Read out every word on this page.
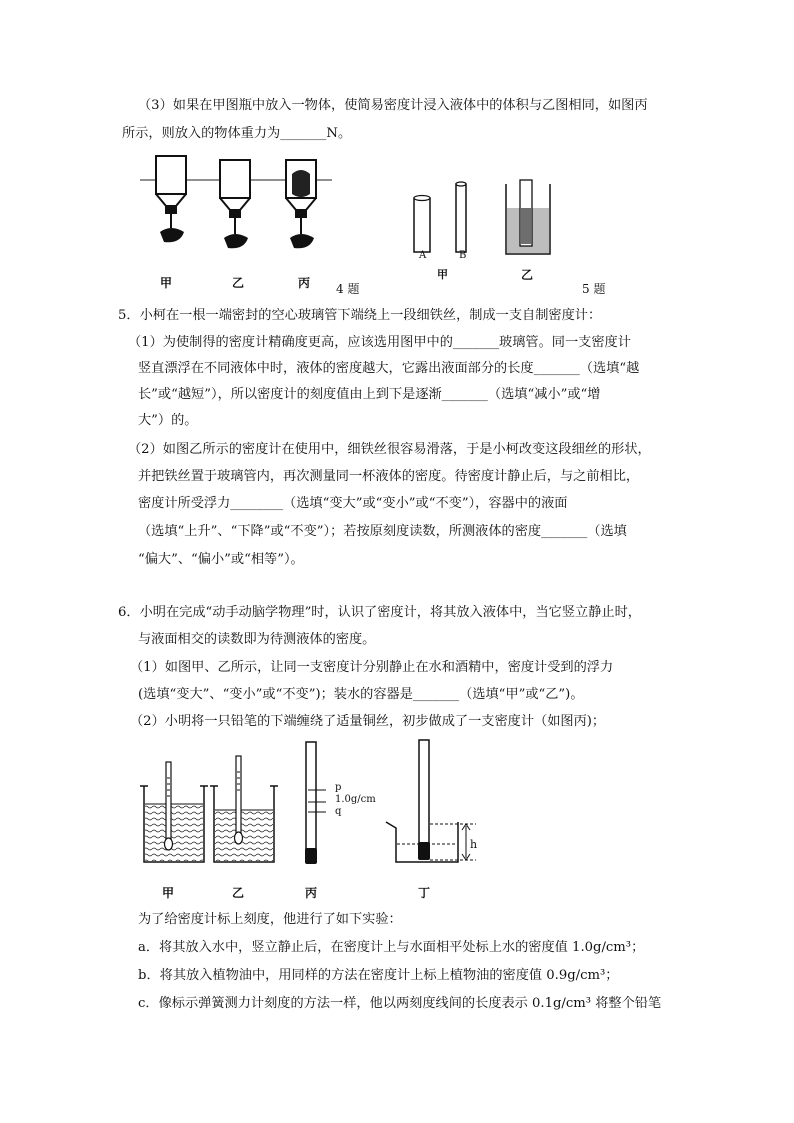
（3）如果在甲图瓶中放入一物体，使简易密度计浸入液体中的体积与乙图相同，如图丙
所示，则放入的物体重力为_______N。
甲	乙	丙 4 题
A	B
甲	乙
5 题
5．小柯在一根一端密封的空心玻璃管下端绕上一段细铁丝，制成一支自制密度计：
（1）为使制得的密度计精确度更高，应该选用图甲中的_______玻璃管。同一支密度计
竖直漂浮在不同液体中时，液体的密度越大，它露出液面部分的长度_______（选填“越
长”或“越短”），所以密度计的刻度值由上到下是逐渐_______（选填“减小”或“增
大”）的。
（2）如图乙所示的密度计在使用中，细铁丝很容易滑落，于是小柯改变这段细丝的形状，
并把铁丝置于玻璃管内，再次测量同一杯液体的密度。待密度计静止后，与之前相比，
密度计所受浮力________（选填“变大”或“变小”或“不变”），容器中的液面
（选填“上升”、“下降”或“不变”）；若按原刻度读数，所测液体的密度_______（选填
“偏大”、“偏小”或“相等”）。
6．小明在完成“动手动脑学物理”时，认识了密度计，将其放入液体中，当它竖立静止时，
与液面相交的读数即为待测液体的密度。
（1）如图甲、乙所示，让同一支密度计分别静止在水和酒精中，密度计受到的浮力
(选填“变大”、“变小”或“不变”)；装水的容器是_______（选填“甲”或“乙”)。
（2）小明将一只铅笔的下端缠绕了适量铜丝，初步做成了一支密度计（如图丙)；
p
1.0g/cm
q
h
甲	乙	丙	丁
为了给密度计标上刻度，他进行了如下实验：
a．将其放入水中，竖立静止后，在密度计上与水面相平处标上水的密度值 1.0g/cm³；
b．将其放入植物油中，用同样的方法在密度计上标上植物油的密度值 0.9g/cm³；
c．像标示弹簧测力计刻度的方法一样，他以两刻度线间的长度表示 0.1g/cm³ 将整个铅笔
